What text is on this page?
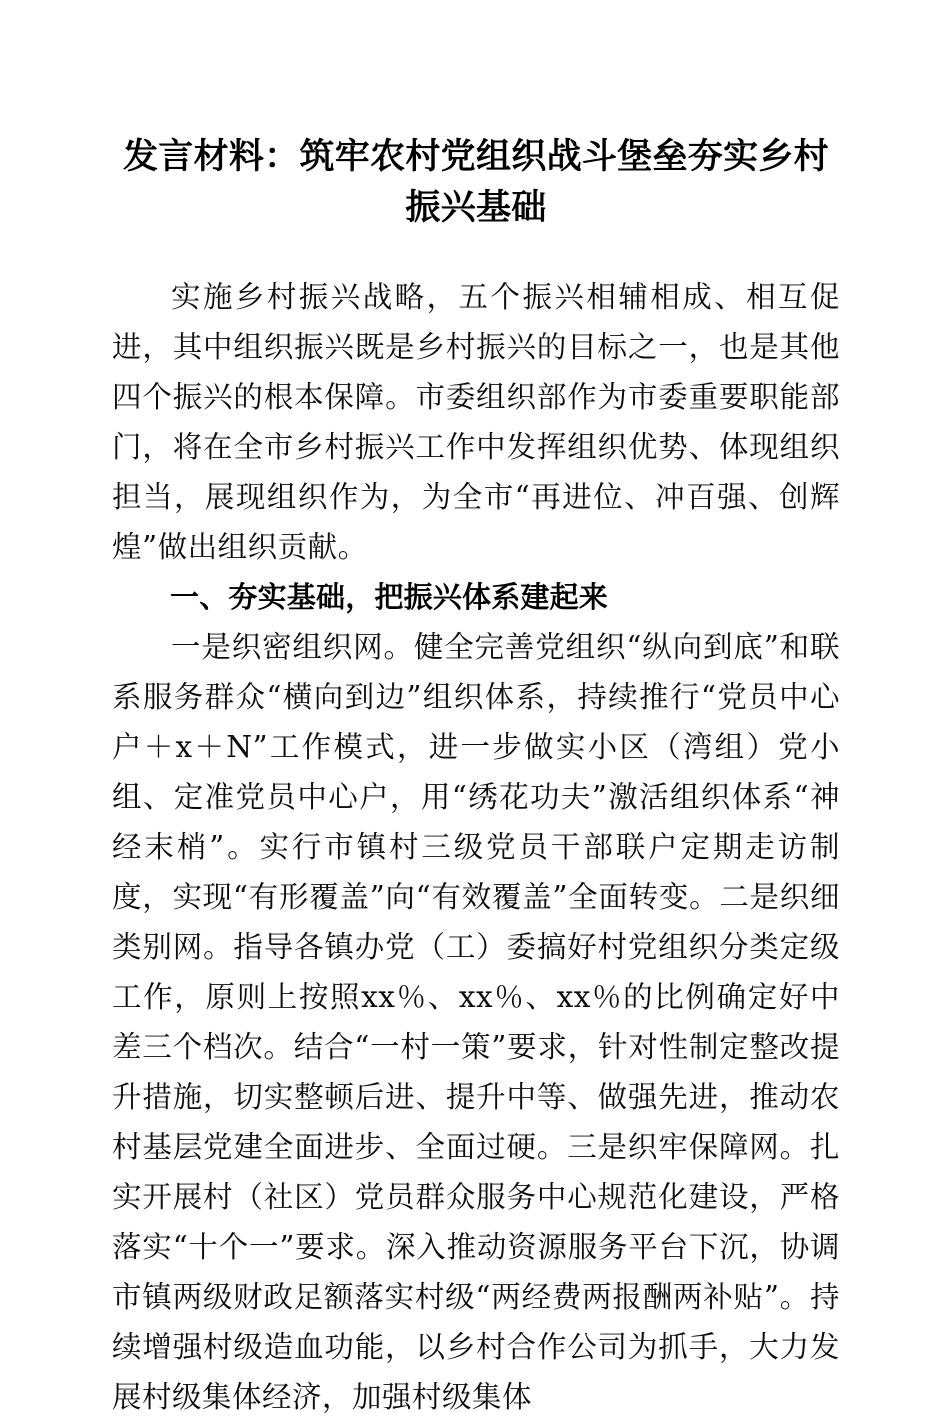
发言材料：筑牢农村党组织战斗堡垒夯实乡村
振兴基础

实施乡村振兴战略，五个振兴相辅相成、相互促进，其中组织振兴既是乡村振兴的目标之一，也是其他四个振兴的根本保障。市委组织部作为市委重要职能部门，将在全市乡村振兴工作中发挥组织优势、体现组织担当，展现组织作为，为全市“再进位、冲百强、创辉煌”做出组织贡献。

一、夯实基础，把振兴体系建起来

一是织密组织网。健全完善党组织“纵向到底”和联系服务群众“横向到边”组织体系，持续推行“党员中心户＋x＋N”工作模式，进一步做实小区（湾组）党小组、定准党员中心户，用“绣花功夫”激活组织体系“神经末梢”。实行市镇村三级党员干部联户定期走访制度，实现“有形覆盖”向“有效覆盖”全面转变。二是织细类别网。指导各镇办党（工）委搞好村党组织分类定级工作，原则上按照xx％、xx％、xx％的比例确定好中差三个档次。结合“一村一策”要求，针对性制定整改提升措施，切实整顿后进、提升中等、做强先进，推动农村基层党建全面进步、全面过硬。三是织牢保障网。扎实开展村（社区）党员群众服务中心规范化建设，严格落实“十个一”要求。深入推动资源服务平台下沉，协调市镇两级财政足额落实村级“两经费两报酬两补贴”。持续增强村级造血功能，以乡村合作公司为抓手，大力发展村级集体经济，加强村级集体
